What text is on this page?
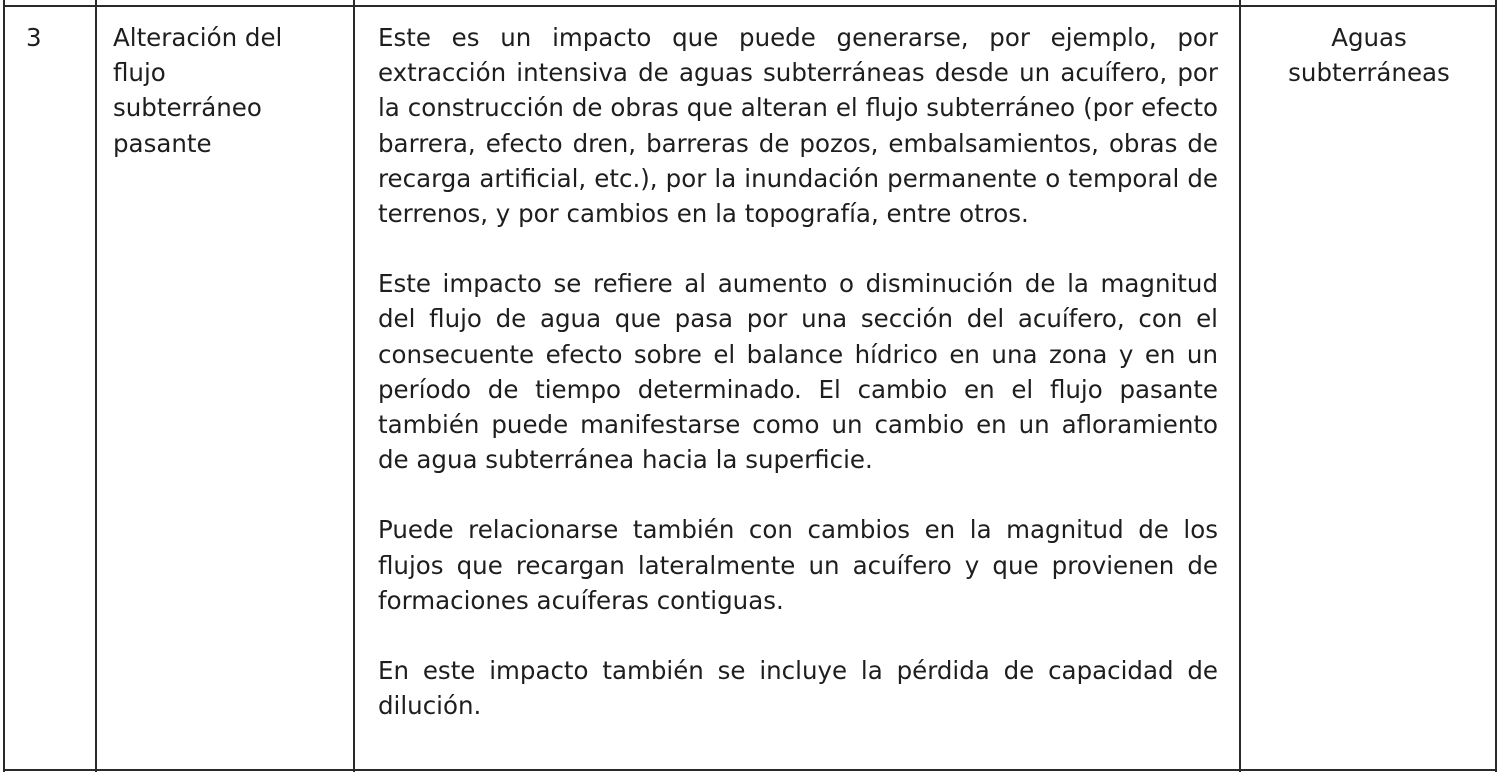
3	Alteración del
flujo
subterráneo
pasante

Este es un impacto que puede generarse, por ejemplo, por extracción intensiva de aguas subterráneas desde un acuífero, por la construcción de obras que alteran el flujo subterráneo (por efecto barrera, efecto dren, barreras de pozos, embalsamientos, obras de recarga artificial, etc.), por la inundación permanente o temporal de terrenos, y por cambios en la topografía, entre otros.

Este impacto se refiere al aumento o disminución de la magnitud del flujo de agua que pasa por una sección del acuífero, con el consecuente efecto sobre el balance hídrico en una zona y en un período de tiempo determinado. El cambio en el flujo pasante también puede manifestarse como un cambio en un afloramiento de agua subterránea hacia la superficie.

Puede relacionarse también con cambios en la magnitud de los flujos que recargan lateralmente un acuífero y que provienen de formaciones acuíferas contiguas.

En este impacto también se incluye la pérdida de capacidad de dilución.

Aguas
subterráneas
